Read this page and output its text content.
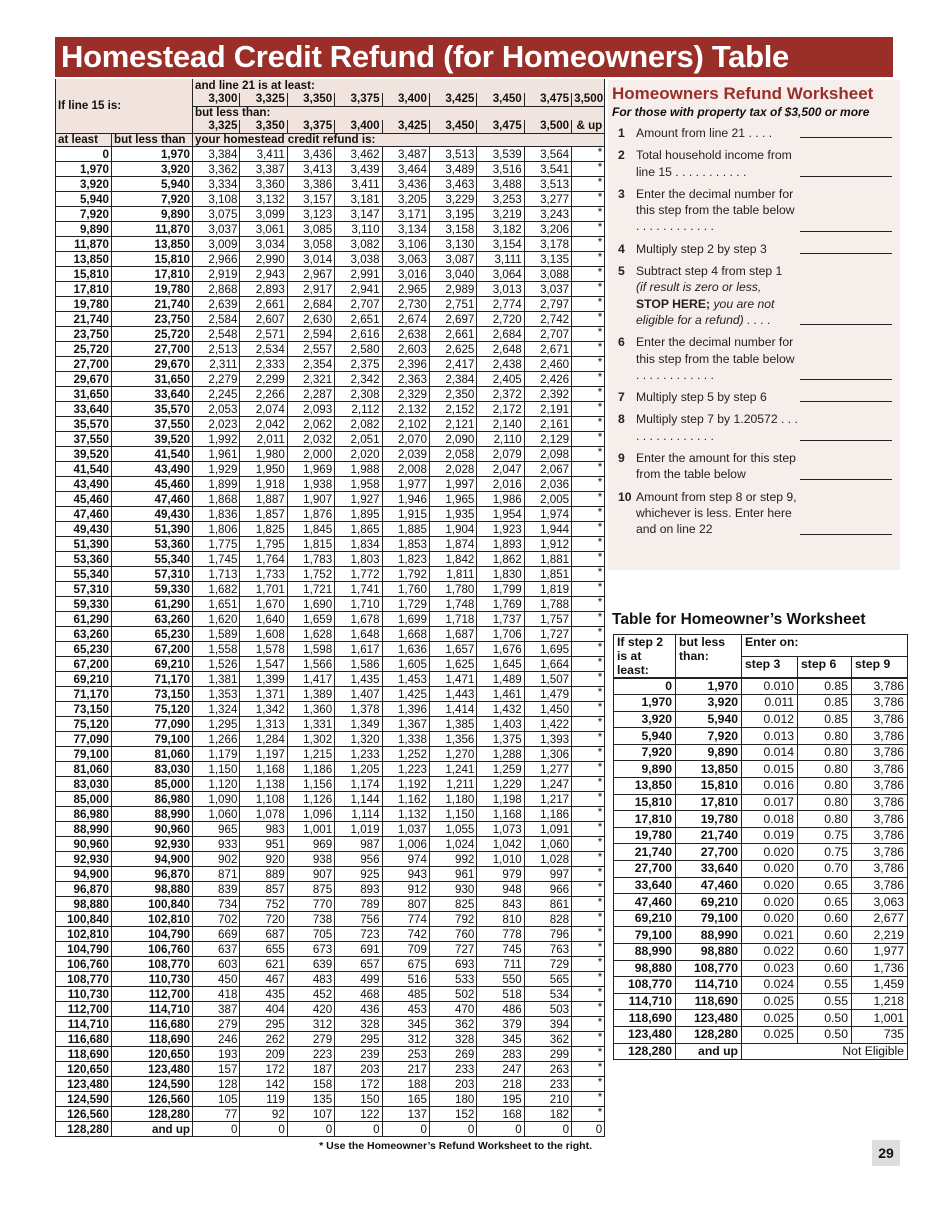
Homestead Credit Refund (for Homeowners) Table
If line 15 is:		and line 21 is at least:								
		3,300	3,325	3,350	3,375	3,400	3,425	3,450	3,475	3,500
		but less than:								
		3,325	3,350	3,375	3,400	3,425	3,450	3,475	3,500	& up
at least	but less than	your homestead credit refund is:								
0	1,970	3,384	3,411	3,436	3,462	3,487	3,513	3,539	3,564	*
1,970	3,920	3,362	3,387	3,413	3,439	3,464	3,489	3,516	3,541	*
3,920	5,940	3,334	3,360	3,386	3,411	3,436	3,463	3,488	3,513	*
5,940	7,920	3,108	3,132	3,157	3,181	3,205	3,229	3,253	3,277	*
7,920	9,890	3,075	3,099	3,123	3,147	3,171	3,195	3,219	3,243	*
9,890	11,870	3,037	3,061	3,085	3,110	3,134	3,158	3,182	3,206	*
11,870	13,850	3,009	3,034	3,058	3,082	3,106	3,130	3,154	3,178	*
13,850	15,810	2,966	2,990	3,014	3,038	3,063	3,087	3,111	3,135	*
15,810	17,810	2,919	2,943	2,967	2,991	3,016	3,040	3,064	3,088	*
17,810	19,780	2,868	2,893	2,917	2,941	2,965	2,989	3,013	3,037	*
19,780	21,740	2,639	2,661	2,684	2,707	2,730	2,751	2,774	2,797	*
21,740	23,750	2,584	2,607	2,630	2,651	2,674	2,697	2,720	2,742	*
23,750	25,720	2,548	2,571	2,594	2,616	2,638	2,661	2,684	2,707	*
25,720	27,700	2,513	2,534	2,557	2,580	2,603	2,625	2,648	2,671	*
27,700	29,670	2,311	2,333	2,354	2,375	2,396	2,417	2,438	2,460	*
29,670	31,650	2,279	2,299	2,321	2,342	2,363	2,384	2,405	2,426	*
31,650	33,640	2,245	2,266	2,287	2,308	2,329	2,350	2,372	2,392	*
33,640	35,570	2,053	2,074	2,093	2,112	2,132	2,152	2,172	2,191	*
35,570	37,550	2,023	2,042	2,062	2,082	2,102	2,121	2,140	2,161	*
37,550	39,520	1,992	2,011	2,032	2,051	2,070	2,090	2,110	2,129	*
39,520	41,540	1,961	1,980	2,000	2,020	2,039	2,058	2,079	2,098	*
41,540	43,490	1,929	1,950	1,969	1,988	2,008	2,028	2,047	2,067	*
43,490	45,460	1,899	1,918	1,938	1,958	1,977	1,997	2,016	2,036	*
45,460	47,460	1,868	1,887	1,907	1,927	1,946	1,965	1,986	2,005	*
47,460	49,430	1,836	1,857	1,876	1,895	1,915	1,935	1,954	1,974	*
49,430	51,390	1,806	1,825	1,845	1,865	1,885	1,904	1,923	1,944	*
51,390	53,360	1,775	1,795	1,815	1,834	1,853	1,874	1,893	1,912	*
53,360	55,340	1,745	1,764	1,783	1,803	1,823	1,842	1,862	1,881	*
55,340	57,310	1,713	1,733	1,752	1,772	1,792	1,811	1,830	1,851	*
57,310	59,330	1,682	1,701	1,721	1,741	1,760	1,780	1,799	1,819	*
59,330	61,290	1,651	1,670	1,690	1,710	1,729	1,748	1,769	1,788	*
61,290	63,260	1,620	1,640	1,659	1,678	1,699	1,718	1,737	1,757	*
63,260	65,230	1,589	1,608	1,628	1,648	1,668	1,687	1,706	1,727	*
65,230	67,200	1,558	1,578	1,598	1,617	1,636	1,657	1,676	1,695	*
67,200	69,210	1,526	1,547	1,566	1,586	1,605	1,625	1,645	1,664	*
69,210	71,170	1,381	1,399	1,417	1,435	1,453	1,471	1,489	1,507	*
71,170	73,150	1,353	1,371	1,389	1,407	1,425	1,443	1,461	1,479	*
73,150	75,120	1,324	1,342	1,360	1,378	1,396	1,414	1,432	1,450	*
75,120	77,090	1,295	1,313	1,331	1,349	1,367	1,385	1,403	1,422	*
77,090	79,100	1,266	1,284	1,302	1,320	1,338	1,356	1,375	1,393	*
79,100	81,060	1,179	1,197	1,215	1,233	1,252	1,270	1,288	1,306	*
81,060	83,030	1,150	1,168	1,186	1,205	1,223	1,241	1,259	1,277	*
83,030	85,000	1,120	1,138	1,156	1,174	1,192	1,211	1,229	1,247	*
85,000	86,980	1,090	1,108	1,126	1,144	1,162	1,180	1,198	1,217	*
86,980	88,990	1,060	1,078	1,096	1,114	1,132	1,150	1,168	1,186	*
88,990	90,960	965	983	1,001	1,019	1,037	1,055	1,073	1,091	*
90,960	92,930	933	951	969	987	1,006	1,024	1,042	1,060	*
92,930	94,900	902	920	938	956	974	992	1,010	1,028	*
94,900	96,870	871	889	907	925	943	961	979	997	*
96,870	98,880	839	857	875	893	912	930	948	966	*
98,880	100,840	734	752	770	789	807	825	843	861	*
100,840	102,810	702	720	738	756	774	792	810	828	*
102,810	104,790	669	687	705	723	742	760	778	796	*
104,790	106,760	637	655	673	691	709	727	745	763	*
106,760	108,770	603	621	639	657	675	693	711	729	*
108,770	110,730	450	467	483	499	516	533	550	565	*
110,730	112,700	418	435	452	468	485	502	518	534	*
112,700	114,710	387	404	420	436	453	470	486	503	*
114,710	116,680	279	295	312	328	345	362	379	394	*
116,680	118,690	246	262	279	295	312	328	345	362	*
118,690	120,650	193	209	223	239	253	269	283	299	*
120,650	123,480	157	172	187	203	217	233	247	263	*
123,480	124,590	128	142	158	172	188	203	218	233	*
124,590	126,560	105	119	135	150	165	180	195	210	*
126,560	128,280	77	92	107	122	137	152	168	182	*
128,280	and up	0	0	0	0	0	0	0	0	0
* Use the Homeowner’s Refund Worksheet to the right.
Homeowners Refund Worksheet
For those with property tax of $3,500 or more
1 Amount from line 21 . . . .
2 Total household income from line 15 . . . . . . . . . . .
3 Enter the decimal number for this step from the table below . . . . . . . . . . . .
4 Multiply step 2 by step 3
5 Subtract step 4 from step 1
(if result is zero or less,
STOP HERE; you are not eligible for a refund) . . . .
6 Enter the decimal number for this step from the table below . . . . . . . . . . . .
7 Multiply step 5 by step 6
8 Multiply step 7 by 1.20572 . . . . . . . . . . . . . . .
9 Enter the amount for this step from the table below
10 Amount from step 8 or step 9, whichever is less. Enter here and on line 22
Table for Homeowner’s Worksheet
If step 2 is at least:	but less than:	Enter on:		
		step 3	step 6	step 9
0	1,970	0.010	0.85	3,786
1,970	3,920	0.011	0.85	3,786
3,920	5,940	0.012	0.85	3,786
5,940	7,920	0.013	0.80	3,786
7,920	9,890	0.014	0.80	3,786
9,890	13,850	0.015	0.80	3,786
13,850	15,810	0.016	0.80	3,786
15,810	17,810	0.017	0.80	3,786
17,810	19,780	0.018	0.80	3,786
19,780	21,740	0.019	0.75	3,786
21,740	27,700	0.020	0.75	3,786
27,700	33,640	0.020	0.70	3,786
33,640	47,460	0.020	0.65	3,786
47,460	69,210	0.020	0.65	3,063
69,210	79,100	0.020	0.60	2,677
79,100	88,990	0.021	0.60	2,219
88,990	98,880	0.022	0.60	1,977
98,880	108,770	0.023	0.60	1,736
108,770	114,710	0.024	0.55	1,459
114,710	118,690	0.025	0.55	1,218
118,690	123,480	0.025	0.50	1,001
123,480	128,280	0.025	0.50	735
128,280	and up	Not Eligible		
29
